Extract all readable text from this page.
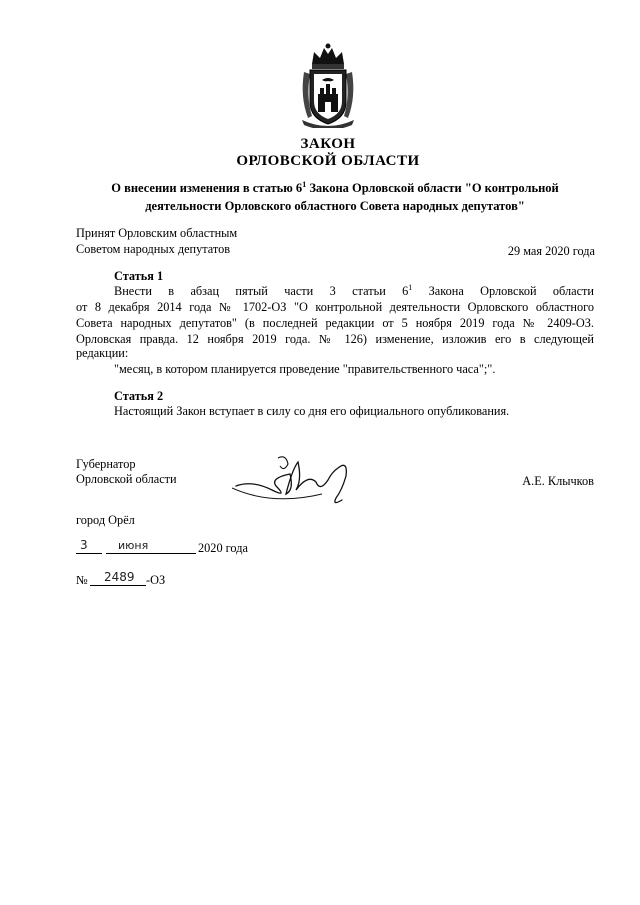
ЗАКОН
ОРЛОВСКОЙ ОБЛАСТИ
О внесении изменения в статью $6^1$ Закона Орловской области "О контрольной
деятельности Орловского областного Совета народных депутатов"
Принят Орловским областным
Советом народных депутатов	29 мая 2020 года
Статья 1
Внести в абзац пятый части 3 статьи $6^1$ Закона Орловской области
от 8 декабря 2014 года № 1702-ОЗ "О контрольной деятельности Орловского областного
Совета народных депутатов" (в последней редакции от 5 ноября 2019 года № 2409-ОЗ.
Орловская правда. 12 ноября 2019 года. № 126) изменение, изложив его в следующей
редакции:
"месяц, в котором планируется проведение "правительственного часа";".
Статья 2
Настоящий Закон вступает в силу со дня его официального опубликования.
Губернатор
Орловской области	А.Е. Клычков
город Орёл
3	июня	2020 года
№ 2489 -ОЗ
